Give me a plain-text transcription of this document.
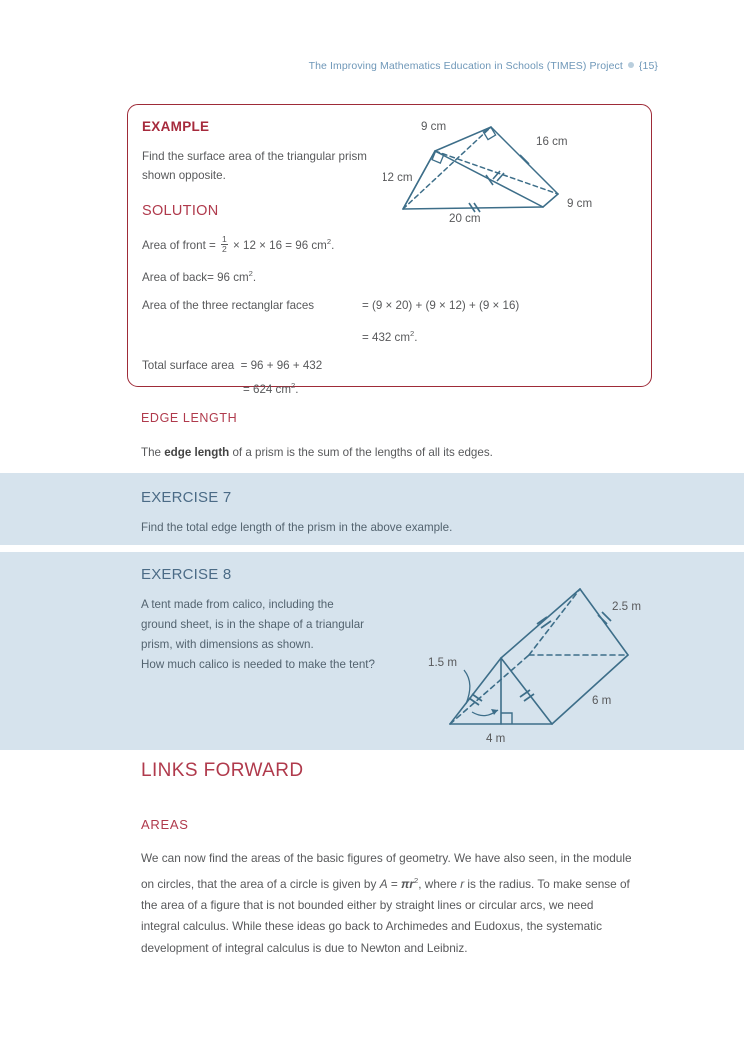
The Improving Mathematics Education in Schools (TIMES) Project {15}
EXAMPLE
Find the surface area of the triangular prism shown opposite.
SOLUTION
Area of front = $\frac{1}{2} \times 12 \times 16 = 96$ $cm^2$.
Area of back= 96 $cm^2$.
Area of the three rectanglar faces	= (9 × 20) + (9 × 12) + (9 × 16)
= 432 $cm^2$.
Total surface area = 96 + 96 + 432
= 624 $cm^2$.
9 cm
16 cm
12 cm
9 cm
20 cm
EDGE LENGTH
The edge length of a prism is the sum of the lengths of all its edges.
EXERCISE 7
Find the total edge length of the prism in the above example.
EXERCISE 8
A tent made from calico, including the
ground sheet, is in the shape of a triangular
prism, with dimensions as shown.
How much calico is needed to make the tent?
2.5 m
1.5 m
6 m
4 m
LINKS FORWARD
AREAS
We can now find the areas of the basic figures of geometry. We have also seen, in the module on circles, that the area of a circle is given by $A = \pi r^2$, where r is the radius. To make sense of the area of a figure that is not bounded either by straight lines or circular arcs, we need integral calculus. While these ideas go back to Archimedes and Eudoxus, the systematic development of integral calculus is due to Newton and Leibniz.
